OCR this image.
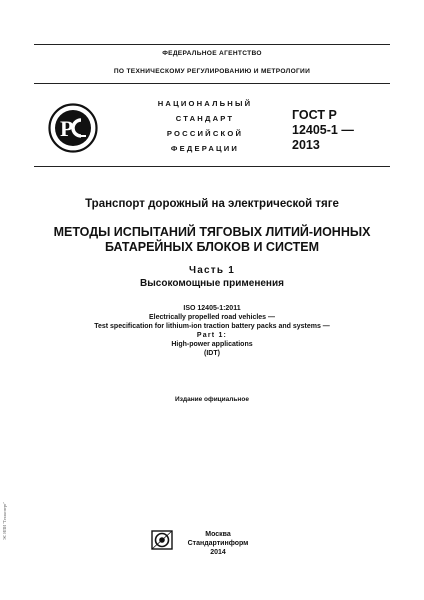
ФЕДЕРАЛЬНОЕ АГЕНТСТВО
ПО ТЕХНИЧЕСКОМУ РЕГУЛИРОВАНИЮ И МЕТРОЛОГИИ
P
НАЦИОНАЛЬНЫЙ
СТАНДАРТ
РОССИЙСКОЙ
ФЕДЕРАЦИИ
ГОСТ Р
12405-1 —
2013
Транспорт дорожный на электрической тяге
МЕТОДЫ ИСПЫТАНИЙ ТЯГОВЫХ ЛИТИЙ-ИОННЫХ
БАТАРЕЙНЫХ БЛОКОВ И СИСТЕМ
Часть 1
Высокомощные применения
ISO 12405-1:2011
Electrically propelled road vehicles —
Test specification for lithium-ion traction battery packs and systems —
Part 1:
High-power applications
(IDT)
Издание официальное
Москва
Стандартинформ
2014
ЭС НПИ "Техэксперт"
